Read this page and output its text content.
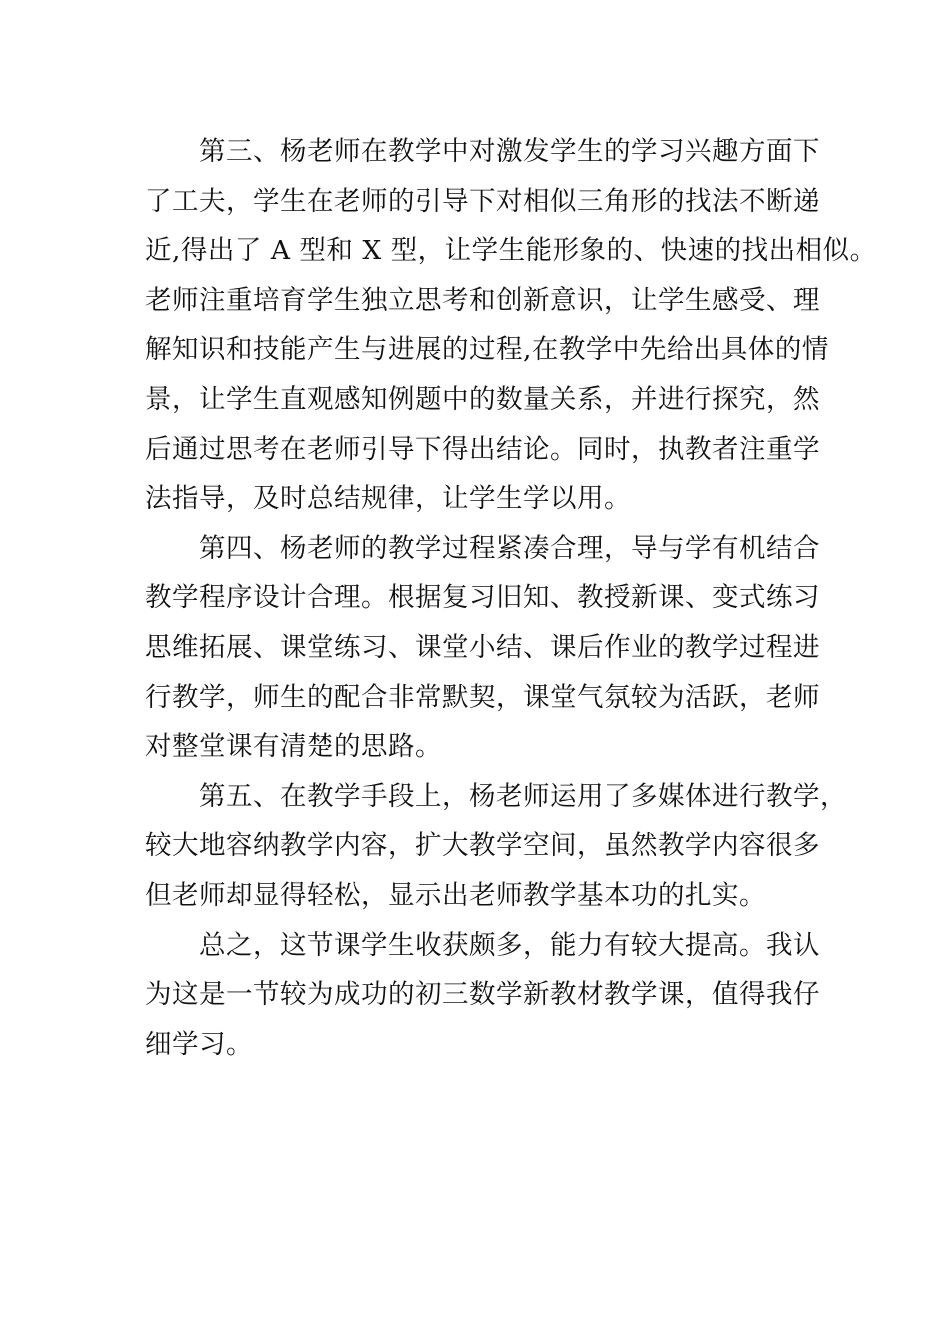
　　第三、杨老师在教学中对激发学生的学习兴趣方面下
了工夫，学生在老师的引导下对相似三角形的找法不断递
近,得出了 A 型和 X 型，让学生能形象的、快速的找出相似。
老师注重培育学生独立思考和创新意识，让学生感受、理
解知识和技能产生与进展的过程,在教学中先给出具体的情
景，让学生直观感知例题中的数量关系，并进行探究，然
后通过思考在老师引导下得出结论。同时，执教者注重学
法指导，及时总结规律，让学生学以用。
　　第四、杨老师的教学过程紧凑合理，导与学有机结合
教学程序设计合理。根据复习旧知、教授新课、变式练习
思维拓展、课堂练习、课堂小结、课后作业的教学过程进
行教学，师生的配合非常默契，课堂气氛较为活跃，老师
对整堂课有清楚的思路。
　　第五、在教学手段上，杨老师运用了多媒体进行教学，
较大地容纳教学内容，扩大教学空间，虽然教学内容很多
但老师却显得轻松，显示出老师教学基本功的扎实。
　　总之，这节课学生收获颇多，能力有较大提高。我认
为这是一节较为成功的初三数学新教材教学课，值得我仔
细学习。
